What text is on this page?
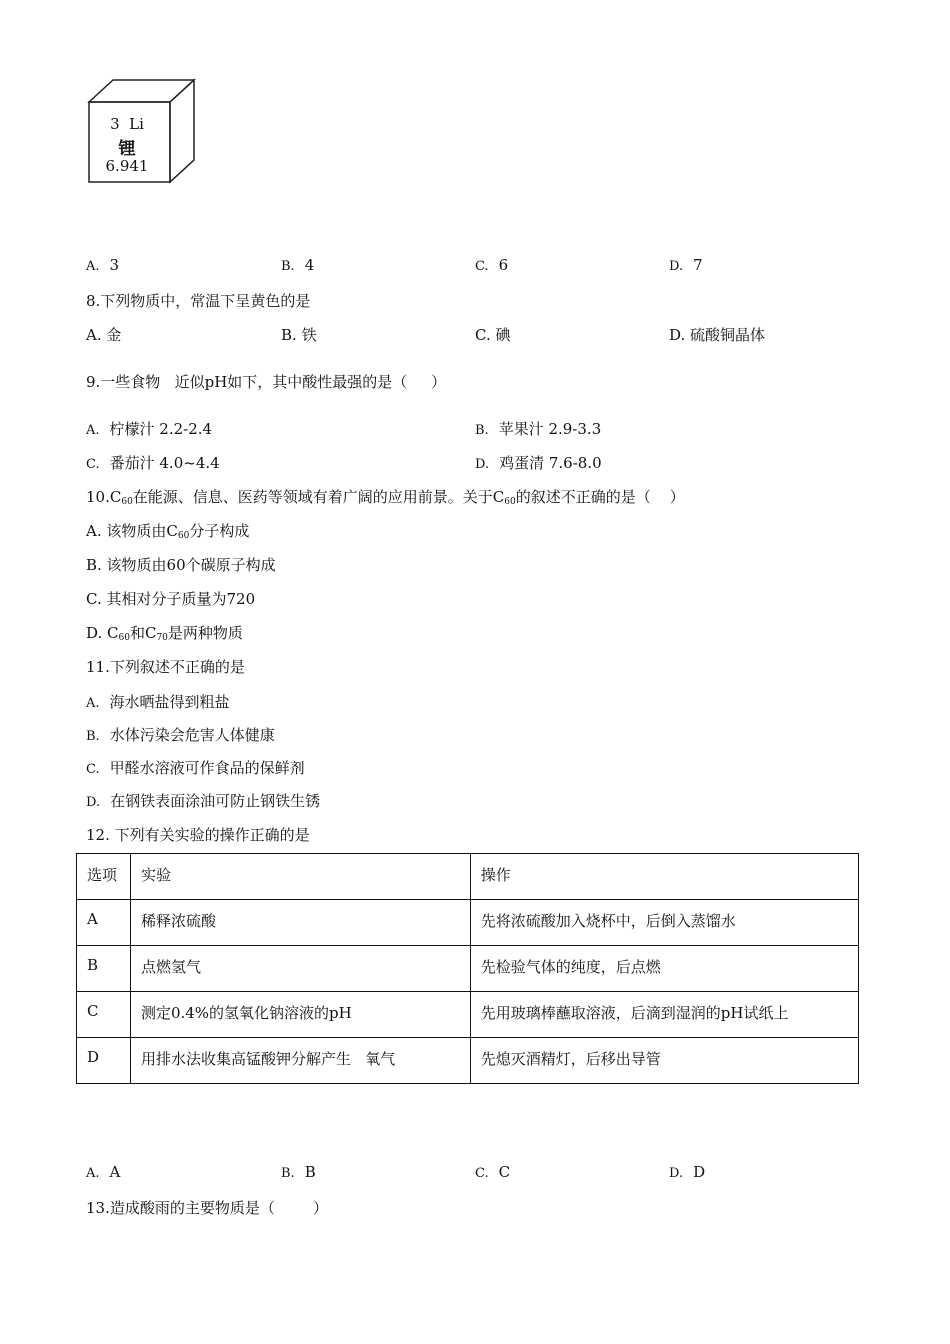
3 Li
锂
6.941
A. 3	B. 4	C. 6	D. 7
8.下列物质中，常温下呈黄色的是
A. 金	B. 铁	C. 碘	D. 硫酸铜晶体
9.一些食物   近似pH如下，其中酸性最强的是（     ）
A. 柠檬汁 2.2-2.4	B. 苹果汁 2.9-3.3
C. 番茄汁 4.0~4.4	D. 鸡蛋清 7.6-8.0
$10.C_{60}$在能源、信息、医药等领域有着广阔的应用前景。关于$C_{60}$的叙述不正确的是（    ）
A. 该物质由$C_{60}$分子构成
B. 该物质由60个碳原子构成
C. 其相对分子质量为720
D. $C_{60}$和$C_{70}$是两种物质
11.下列叙述不正确的是
A. 海水晒盐得到粗盐
B. 水体污染会危害人体健康
C. 甲醛水溶液可作食品的保鲜剂
D. 在钢铁表面涂油可防止钢铁生锈
12. 下列有关实验的操作正确的是
选项	实验	操作
A	稀释浓硫酸	先将浓硫酸加入烧杯中，后倒入蒸馏水
B	点燃氢气	先检验气体的纯度，后点燃
C	测定0.4%的氢氧化钠溶液的pH	先用玻璃棒蘸取溶液，后滴到湿润的pH试纸上
D	用排水法收集高锰酸钾分解产生   氧气	先熄灭酒精灯，后移出导管
A. A	B. B	C. C	D. D
13.造成酸雨的主要物质是（        ）
